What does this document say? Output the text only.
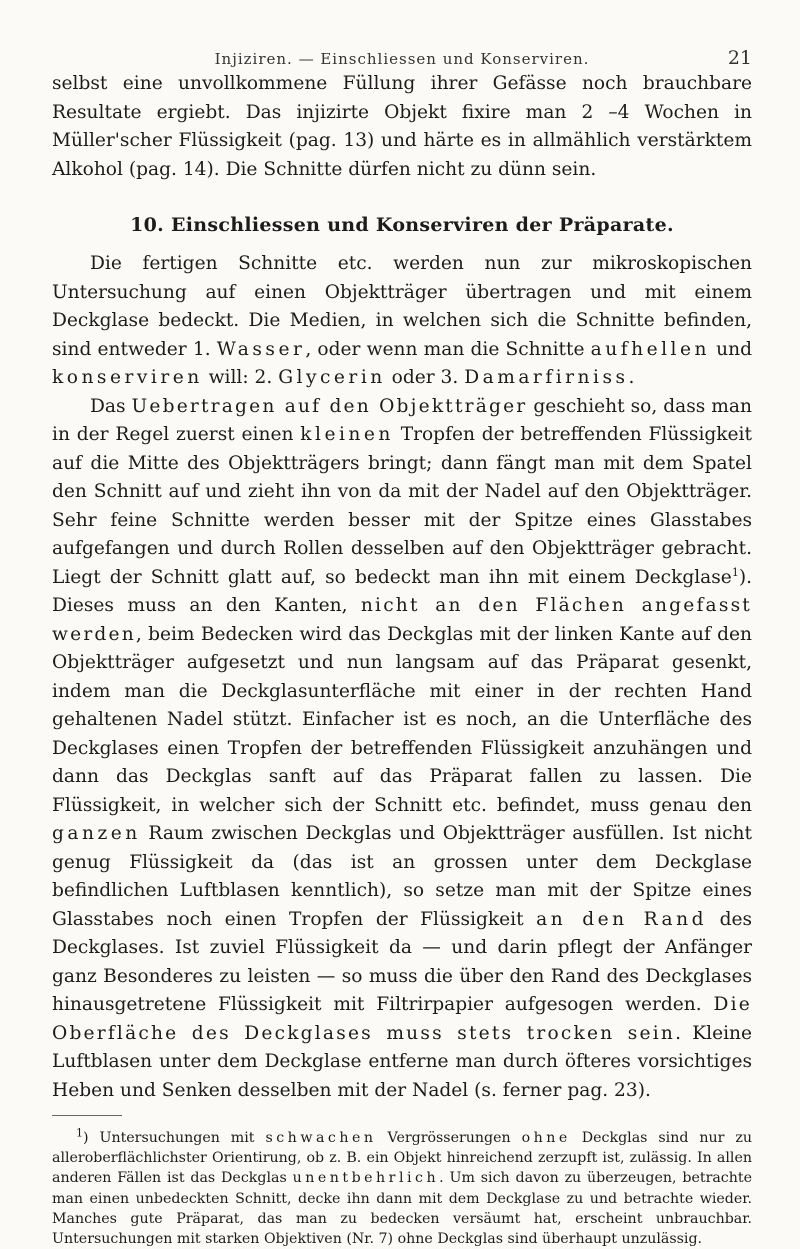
Injiziren. — Einschliessen und Konserviren.	21

selbst eine unvollkommene Füllung ihrer Gefässe noch brauchbare Resultate ergiebt. Das injizirte Objekt fixire man 2 –4 Wochen in Müller'scher Flüssigkeit (pag. 13) und härte es in allmählich verstärktem Alkohol (pag. 14). Die Schnitte dürfen nicht zu dünn sein.

10. Einschliessen und Konserviren der Präparate.

Die fertigen Schnitte etc. werden nun zur mikroskopischen Untersuchung auf einen Objektträger übertragen und mit einem Deckglase bedeckt. Die Medien, in welchen sich die Schnitte befinden, sind entweder 1. Wasser, oder wenn man die Schnitte aufhellen und konserviren will: 2. Glycerin oder 3. Damarfirniss.

Das Uebertragen auf den Objektträger geschieht so, dass man in der Regel zuerst einen kleinen Tropfen der betreffenden Flüssigkeit auf die Mitte des Objektträgers bringt; dann fängt man mit dem Spatel den Schnitt auf und zieht ihn von da mit der Nadel auf den Objektträger. Sehr feine Schnitte werden besser mit der Spitze eines Glasstabes aufgefangen und durch Rollen desselben auf den Objektträger gebracht. Liegt der Schnitt glatt auf, so bedeckt man ihn mit einem Deckglase$^1$). Dieses muss an den Kanten, nicht an den Flächen angefasst werden, beim Bedecken wird das Deckglas mit der linken Kante auf den Objektträger aufgesetzt und nun langsam auf das Präparat gesenkt, indem man die Deckglasunterfläche mit einer in der rechten Hand gehaltenen Nadel stützt. Einfacher ist es noch, an die Unterfläche des Deckglases einen Tropfen der betreffenden Flüssigkeit anzuhängen und dann das Deckglas sanft auf das Präparat fallen zu lassen. Die Flüssigkeit, in welcher sich der Schnitt etc. befindet, muss genau den ganzen Raum zwischen Deckglas und Objektträger ausfüllen. Ist nicht genug Flüssigkeit da (das ist an grossen unter dem Deckglase befindlichen Luftblasen kenntlich), so setze man mit der Spitze eines Glasstabes noch einen Tropfen der Flüssigkeit an den Rand des Deckglases. Ist zuviel Flüssigkeit da — und darin pflegt der Anfänger ganz Besonderes zu leisten — so muss die über den Rand des Deckglases hinausgetretene Flüssigkeit mit Filtrirpapier aufgesogen werden. Die Oberfläche des Deckglases muss stets trocken sein. Kleine Luftblasen unter dem Deckglase entferne man durch öfteres vorsichtiges Heben und Senken desselben mit der Nadel (s. ferner pag. 23).

$^1$) Untersuchungen mit schwachen Vergrösserungen ohne Deckglas sind nur zu alleroberflächlichster Orientirung, ob z. B. ein Objekt hinreichend zerzupft ist, zulässig. In allen anderen Fällen ist das Deckglas unentbehrlich. Um sich davon zu überzeugen, betrachte man einen unbedeckten Schnitt, decke ihn dann mit dem Deckglase zu und betrachte wieder. Manches gute Präparat, das man zu bedecken versäumt hat, erscheint unbrauchbar. Untersuchungen mit starken Objektiven (Nr. 7) ohne Deckglas sind überhaupt unzulässig.
